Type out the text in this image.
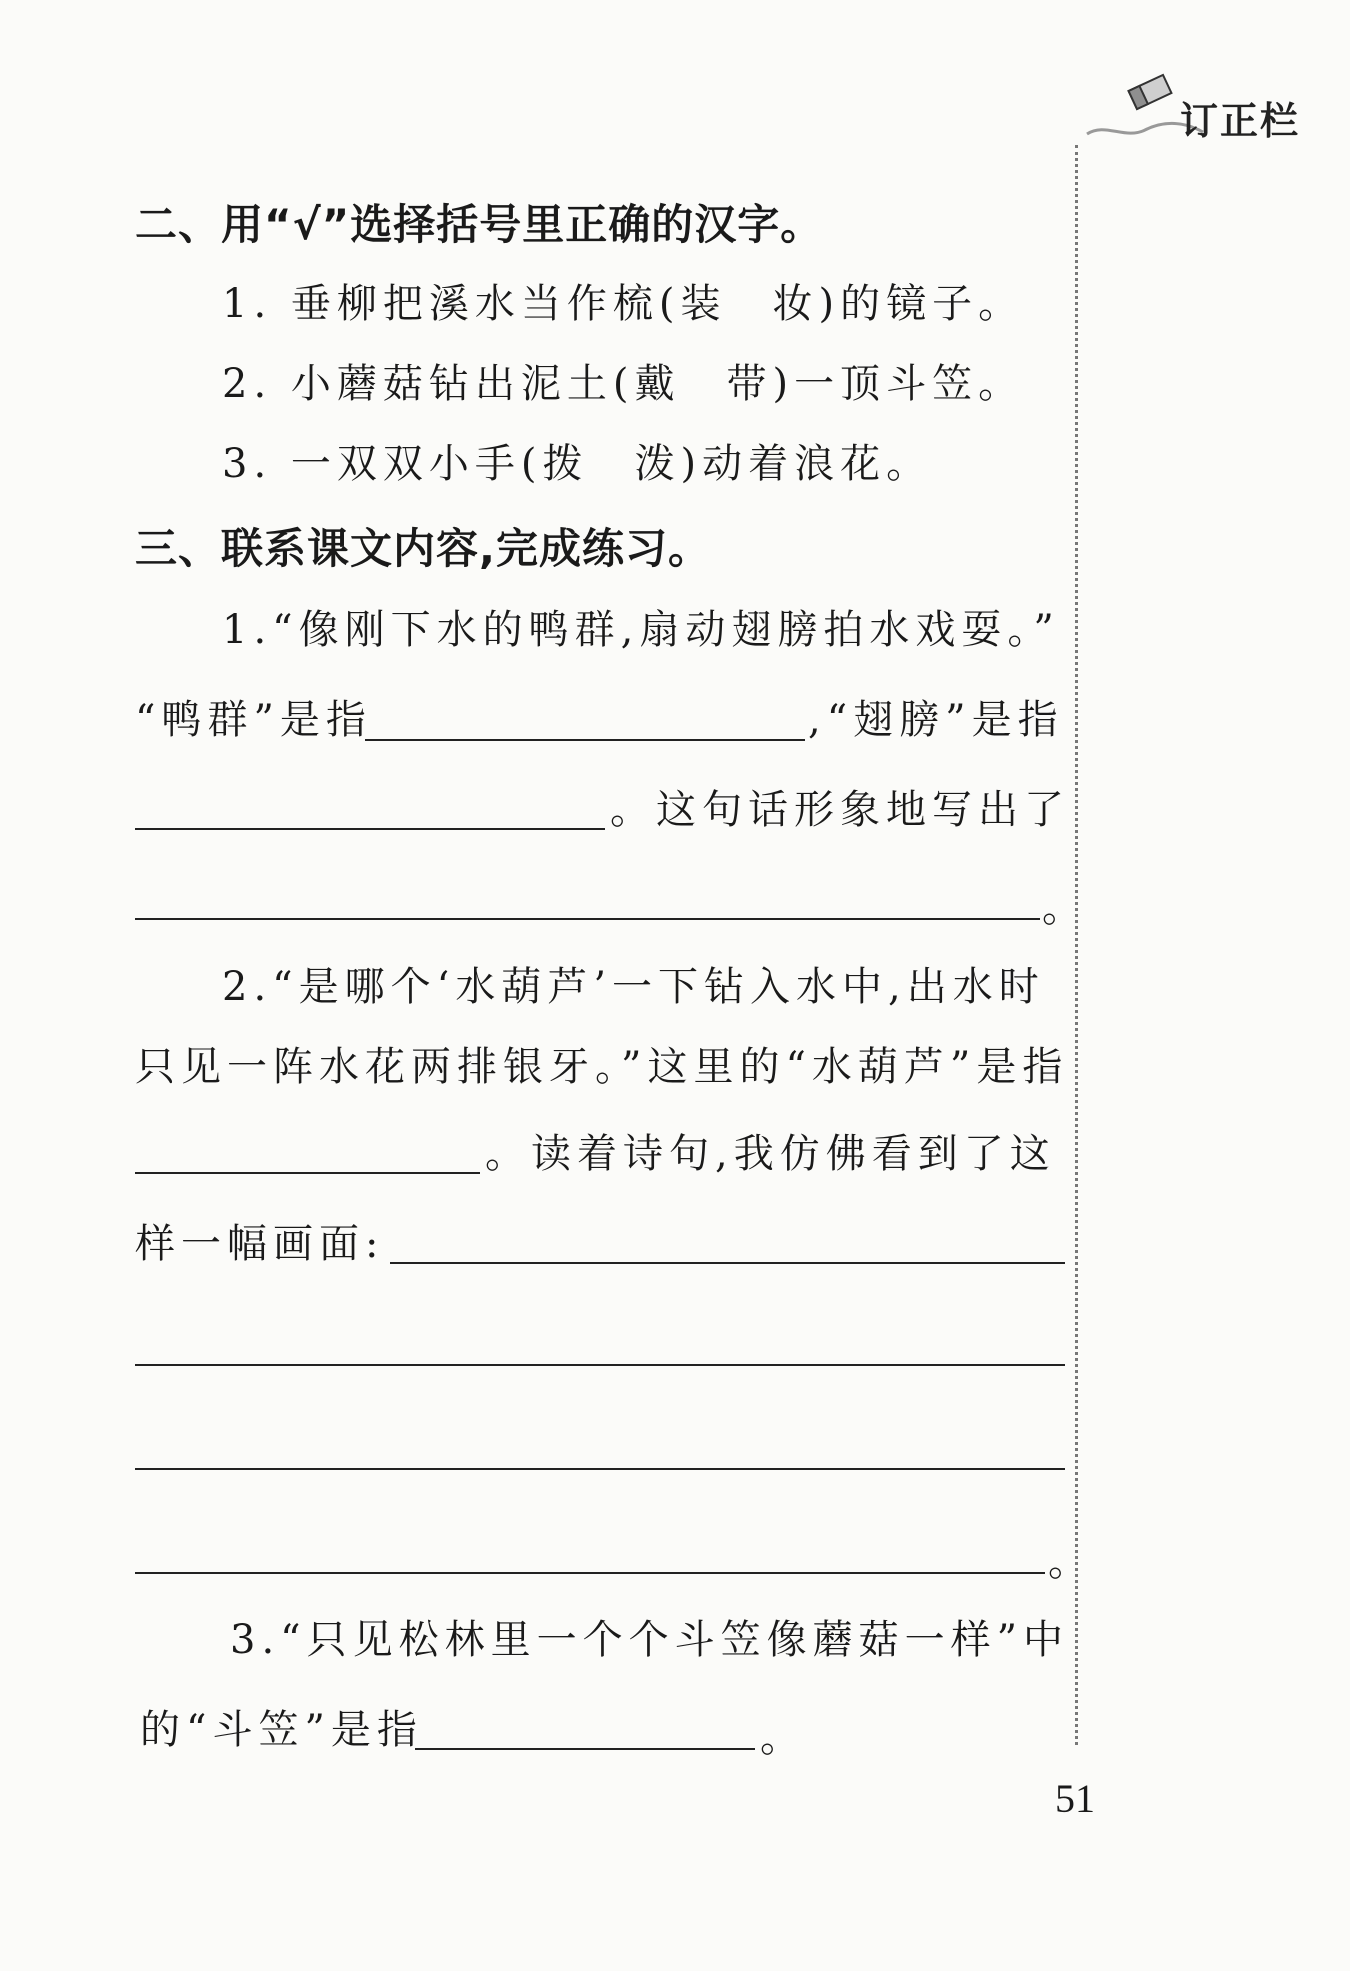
订正栏
二、用“√”选择括号里正确的汉字。
1. 垂柳把溪水当作梳(装　妆)的镜子。
2. 小蘑菇钻出泥土(戴　带)一顶斗笠。
3. 一双双小手(拨　泼)动着浪花。
三、联系课文内容,完成练习。
1.“像刚下水的鸭群,扇动翅膀拍水戏耍。”
“鸭群”是指	,“翅膀”是指
。这句话形象地写出了
。
2.“是哪个‘水葫芦’一下钻入水中,出水时
只见一阵水花两排银牙。”这里的“水葫芦”是指
。读着诗句,我仿佛看到了这
样一幅画面:
。
3.“只见松林里一个个斗笠像蘑菇一样”中
的“斗笠”是指	。
51
